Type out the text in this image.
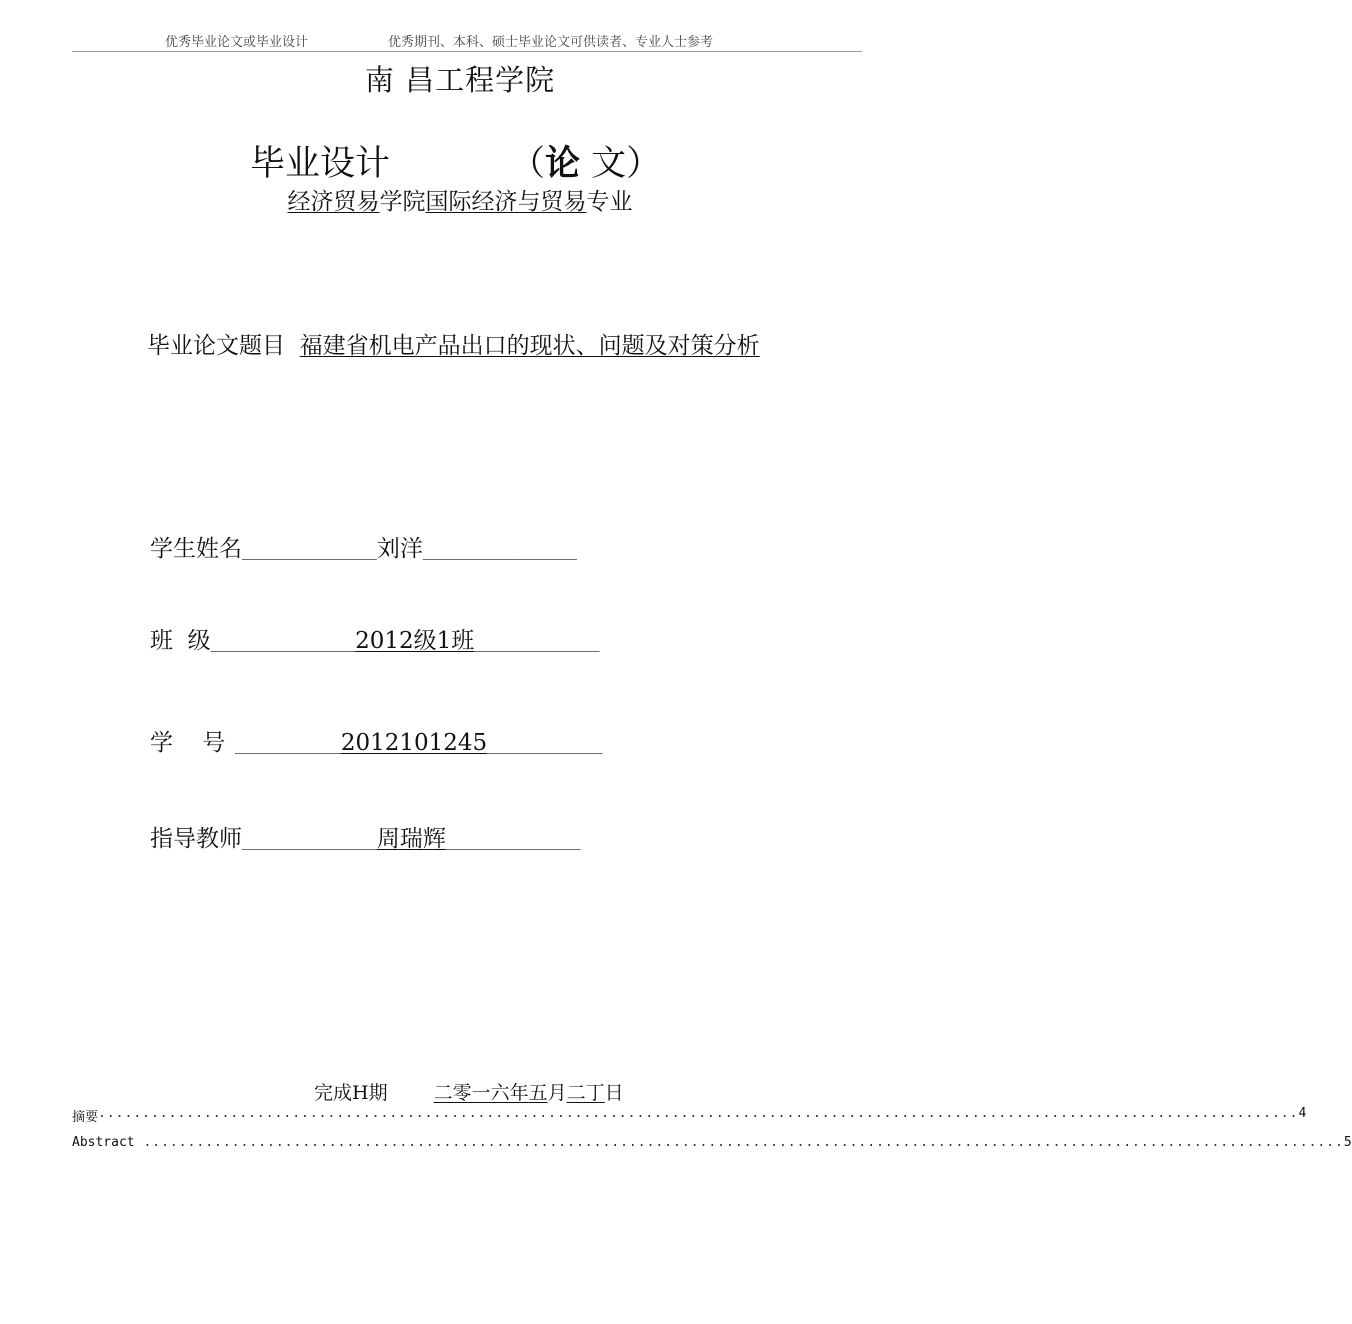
优秀毕业论文或毕业设计	优秀期刊、本科、硕士毕业论文可供读者、专业人士参考
南 昌工程学院
毕业设计	（论 文）
经济贸易学院国际经济与贸易专业
毕业论文题目 福建省机电产品出口的现状、问题及对策分析
学生姓名______________刘洋________________
班  级_______________2012级1班_____________
学    号 ___________2012101245____________
指导教师______________周瑞辉______________
完成H期 二零一六年五月二丁日
摘要 ........................................................................................................................................ 4
Abstract ........................................................................................................................................ 5
